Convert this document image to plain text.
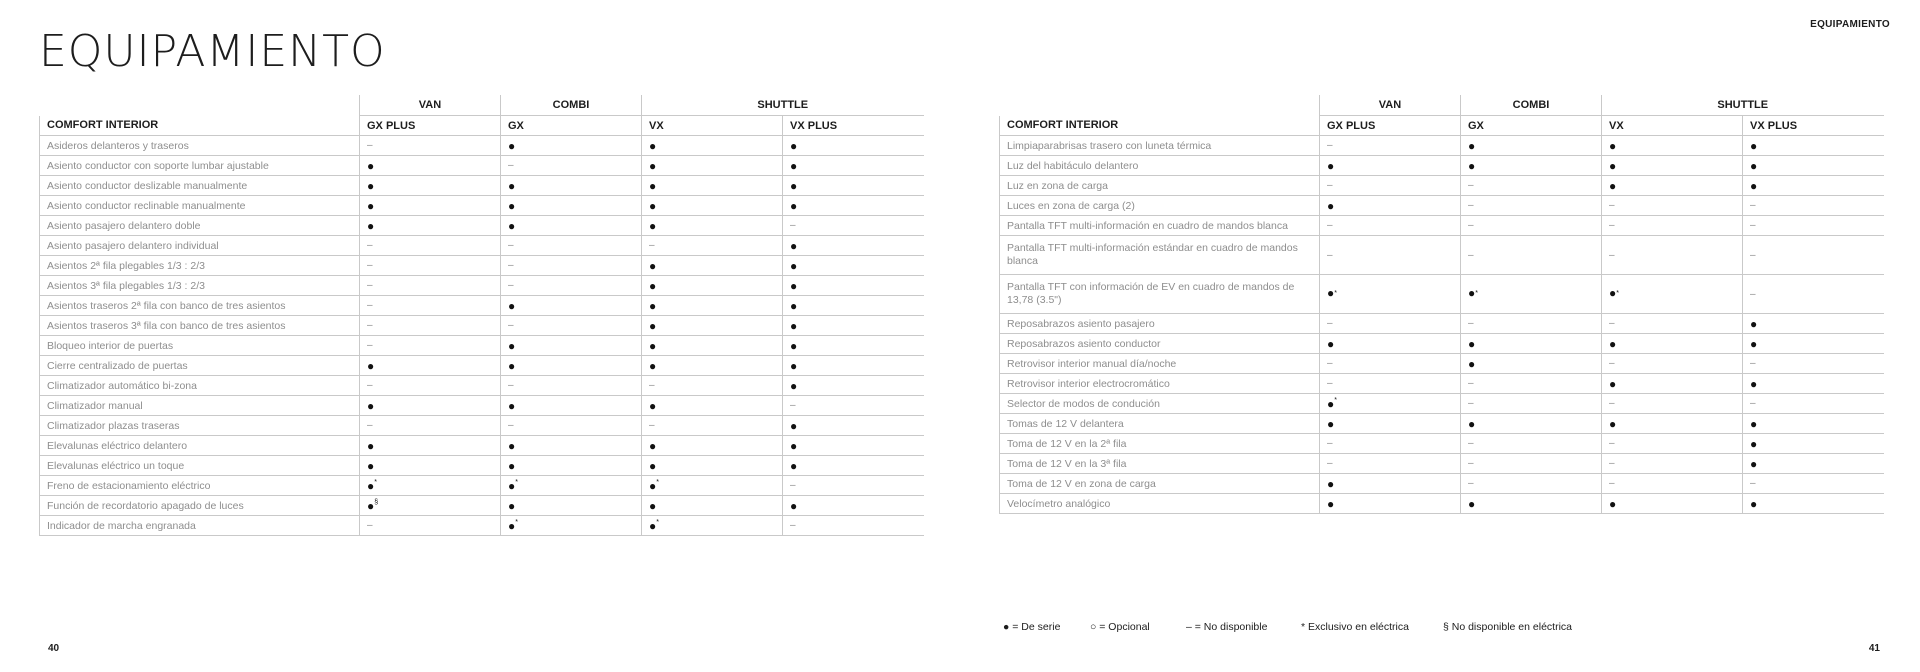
EQUIPAMIENTO
EQUIPAMIENTO
	VAN	COMBI	SHUTTLE	
COMFORT INTERIOR	GX PLUS	GX	VX	VX PLUS
Asideros delanteros y traseros	–	●	●	●
Asiento conductor con soporte lumbar ajustable	●	–	●	●
Asiento conductor deslizable manualmente	●	●	●	●
Asiento conductor reclinable manualmente	●	●	●	●
Asiento pasajero delantero doble	●	●	●	–
Asiento pasajero delantero individual	–	–	–	●
Asientos 2ª fila plegables 1/3 : 2/3	–	–	●	●
Asientos 3ª fila plegables 1/3 : 2/3	–	–	●	●
Asientos traseros 2ª fila con banco de tres asientos	–	●	●	●
Asientos traseros 3ª fila con banco de tres asientos	–	–	●	●
Bloqueo interior de puertas	–	●	●	●
Cierre centralizado de puertas	●	●	●	●
Climatizador automático bi-zona	–	–	–	●
Climatizador manual	●	●	●	–
Climatizador plazas traseras	–	–	–	●
Elevalunas eléctrico delantero	●	●	●	●
Elevalunas eléctrico un toque	●	●	●	●
Freno de estacionamiento eléctrico	●*	●*	●*	–
Función de recordatorio apagado de luces	●§	●	●	●
Indicador de marcha engranada	–	●*	●*	–
	VAN	COMBI	SHUTTLE	
COMFORT INTERIOR	GX PLUS	GX	VX	VX PLUS
Limpiaparabrisas trasero con luneta térmica	–	●	●	●
Luz del habitáculo delantero	●	●	●	●
Luz en zona de carga	–	–	●	●
Luces en zona de carga (2)	●	–	–	–
Pantalla TFT multi-información en cuadro de mandos blanca	–	–	–	–
Pantalla TFT multi-información estándar en cuadro de mandos blanca	–	–	–	–
Pantalla TFT con información de EV en cuadro de mandos de 13,78 (3.5")	●*	●*	●*	–
Reposabrazos asiento pasajero	–	–	–	●
Reposabrazos asiento conductor	●	●	●	●
Retrovisor interior manual día/noche	–	●	–	–
Retrovisor interior electrocromático	–	–	●	●
Selector de modos de condución	●*	–	–	–
Tomas de 12 V delantera	●	●	●	●
Toma de 12 V en la 2ª fila	–	–	–	●
Toma de 12 V en la 3ª fila	–	–	–	●
Toma de 12 V en zona de carga	●	–	–	–
Velocímetro analógico	●	●	●	●
● = De serie	○ = Opcional	– = No disponible	* Exclusivo en eléctrica	§ No disponible en eléctrica
40	41
